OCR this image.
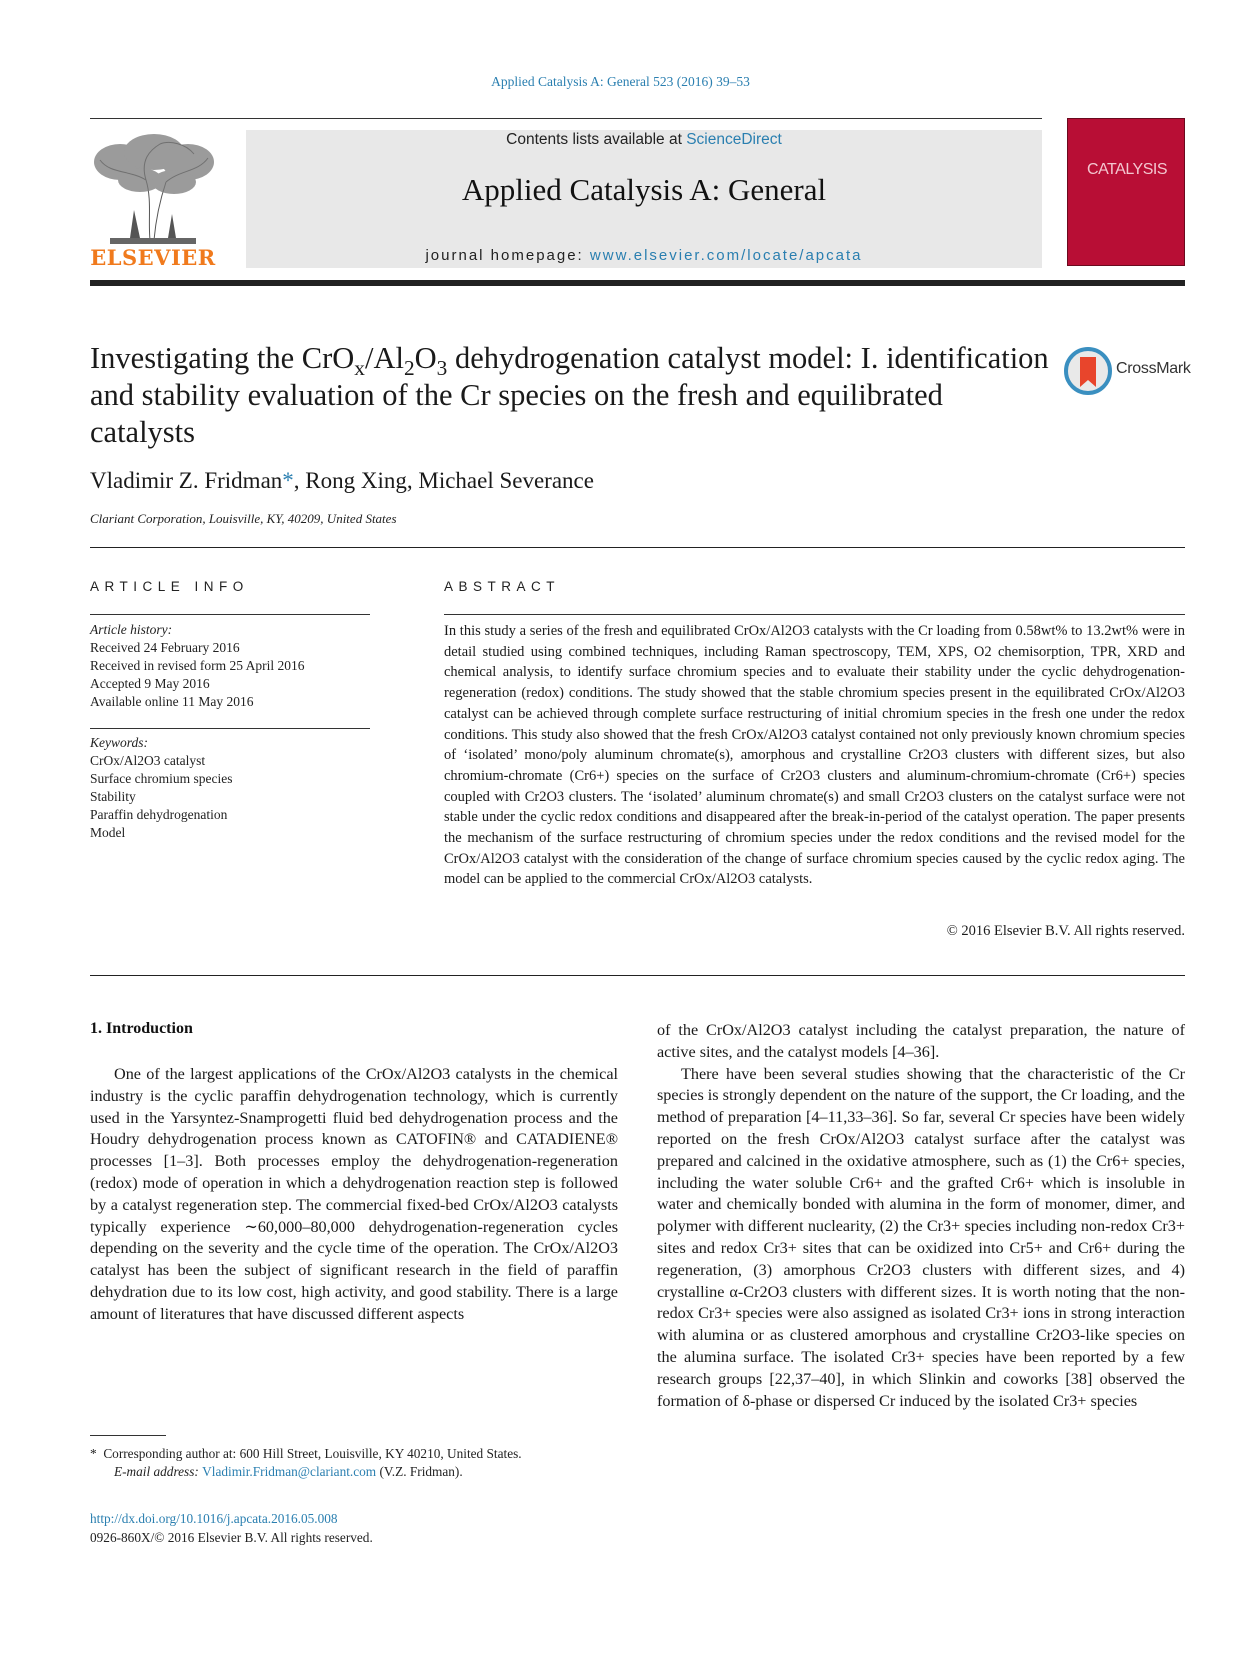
Applied Catalysis A: General 523 (2016) 39–53
ELSEVIER
Contents lists available at ScienceDirect
Applied Catalysis A: General
journal homepage: www.elsevier.com/locate/apcata
CATALYSIS
Investigating the $CrO_x/Al_2O_3$ dehydrogenation catalyst model: I. identification and stability evaluation of the Cr species on the fresh and equilibrated catalysts
CrossMark
Vladimir Z. Fridman*, Rong Xing, Michael Severance
Clariant Corporation, Louisville, KY, 40209, United States
ARTICLE INFO
Article history:
Received 24 February 2016
Received in revised form 25 April 2016
Accepted 9 May 2016
Available online 11 May 2016
Keywords:
CrOx/Al2O3 catalyst
Surface chromium species
Stability
Paraffin dehydrogenation
Model
ABSTRACT
In this study a series of the fresh and equilibrated CrOx/Al2O3 catalysts with the Cr loading from 0.58wt% to 13.2wt% were in detail studied using combined techniques, including Raman spectroscopy, TEM, XPS, O2 chemisorption, TPR, XRD and chemical analysis, to identify surface chromium species and to evaluate their stability under the cyclic dehydrogenation-regeneration (redox) conditions. The study showed that the stable chromium species present in the equilibrated CrOx/Al2O3 catalyst can be achieved through complete surface restructuring of initial chromium species in the fresh one under the redox conditions. This study also showed that the fresh CrOx/Al2O3 catalyst contained not only previously known chromium species of ‘isolated’ mono/poly aluminum chromate(s), amorphous and crystalline Cr2O3 clusters with different sizes, but also chromium-chromate (Cr6+) species on the surface of Cr2O3 clusters and aluminum-chromium-chromate (Cr6+) species coupled with Cr2O3 clusters. The ‘isolated’ aluminum chromate(s) and small Cr2O3 clusters on the catalyst surface were not stable under the cyclic redox conditions and disappeared after the break-in-period of the catalyst operation. The paper presents the mechanism of the surface restructuring of chromium species under the redox conditions and the revised model for the CrOx/Al2O3 catalyst with the consideration of the change of surface chromium species caused by the cyclic redox aging. The model can be applied to the commercial CrOx/Al2O3 catalysts.
© 2016 Elsevier B.V. All rights reserved.
1. Introduction

One of the largest applications of the CrOx/Al2O3 catalysts in the chemical industry is the cyclic paraffin dehydrogenation technology, which is currently used in the Yarsyntez-Snamprogetti fluid bed dehydrogenation process and the Houdry dehydrogenation process known as CATOFIN® and CATADIENE® processes [1–3]. Both processes employ the dehydrogenation-regeneration (redox) mode of operation in which a dehydrogenation reaction step is followed by a catalyst regeneration step. The commercial fixed-bed CrOx/Al2O3 catalysts typically experience ∼60,000–80,000 dehydrogenation-regeneration cycles depending on the severity and the cycle time of the operation. The CrOx/Al2O3 catalyst has been the subject of significant research in the field of paraffin dehydration due to its low cost, high activity, and good stability. There is a large amount of literatures that have discussed different aspects

of the CrOx/Al2O3 catalyst including the catalyst preparation, the nature of active sites, and the catalyst models [4–36].

There have been several studies showing that the characteristic of the Cr species is strongly dependent on the nature of the support, the Cr loading, and the method of preparation [4–11,33–36]. So far, several Cr species have been widely reported on the fresh CrOx/Al2O3 catalyst surface after the catalyst was prepared and calcined in the oxidative atmosphere, such as (1) the Cr6+ species, including the water soluble Cr6+ and the grafted Cr6+ which is insoluble in water and chemically bonded with alumina in the form of monomer, dimer, and polymer with different nuclearity, (2) the Cr3+ species including non-redox Cr3+ sites and redox Cr3+ sites that can be oxidized into Cr5+ and Cr6+ during the regeneration, (3) amorphous Cr2O3 clusters with different sizes, and 4) crystalline α-Cr2O3 clusters with different sizes. It is worth noting that the non-redox Cr3+ species were also assigned as isolated Cr3+ ions in strong interaction with alumina or as clustered amorphous and crystalline Cr2O3-like species on the alumina surface. The isolated Cr3+ species have been reported by a few research groups [22,37–40], in which Slinkin and coworks [38] observed the formation of δ-phase or dispersed Cr induced by the isolated Cr3+ species

* Corresponding author at: 600 Hill Street, Louisville, KY 40210, United States.
E-mail address: Vladimir.Fridman@clariant.com (V.Z. Fridman).
http://dx.doi.org/10.1016/j.apcata.2016.05.008
0926-860X/© 2016 Elsevier B.V. All rights reserved.
